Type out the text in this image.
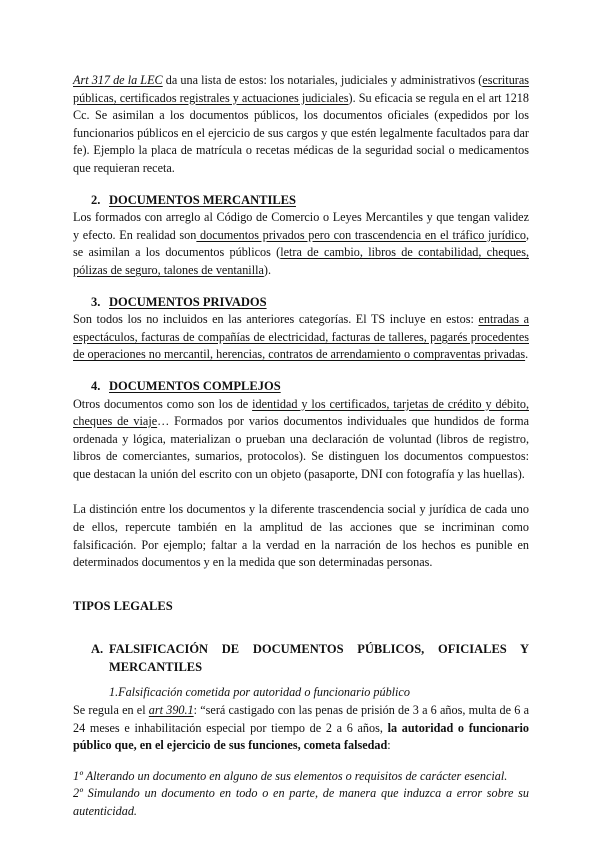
Art 317 de la LEC da una lista de estos: los notariales, judiciales y administrativos (escrituras públicas, certificados registrales y actuaciones judiciales). Su eficacia se regula en el art 1218 Cc. Se asimilan a los documentos públicos, los documentos oficiales (expedidos por los funcionarios públicos en el ejercicio de sus cargos y que estén legalmente facultados para dar fe). Ejemplo la placa de matrícula o recetas médicas de la seguridad social o medicamentos que requieran receta.

2. DOCUMENTOS MERCANTILES

Los formados con arreglo al Código de Comercio o Leyes Mercantiles y que tengan validez y efecto. En realidad son documentos privados pero con trascendencia en el tráfico jurídico, se asimilan a los documentos públicos (letra de cambio, libros de contabilidad, cheques, pólizas de seguro, talones de ventanilla).

3. DOCUMENTOS PRIVADOS

Son todos los no incluidos en las anteriores categorías. El TS incluye en estos: entradas a espectáculos, facturas de compañías de electricidad, facturas de talleres, pagarés procedentes de operaciones no mercantil, herencias, contratos de arrendamiento o compraventas privadas.

4. DOCUMENTOS COMPLEJOS

Otros documentos como son los de identidad y los certificados, tarjetas de crédito y débito, cheques de viaje… Formados por varios documentos individuales que hundidos de forma ordenada y lógica, materializan o prueban una declaración de voluntad (libros de registro, libros de comerciantes, sumarios, protocolos). Se distinguen los documentos compuestos: que destacan la unión del escrito con un objeto (pasaporte, DNI con fotografía y las huellas).

La distinción entre los documentos y la diferente trascendencia social y jurídica de cada uno de ellos, repercute también en la amplitud de las acciones que se incriminan como falsificación. Por ejemplo; faltar a la verdad en la narración de los hechos es punible en determinados documentos y en la medida que son determinadas personas.

TIPOS LEGALES
A. FALSIFICACIÓN DE DOCUMENTOS PÚBLICOS, OFICIALES Y MERCANTILES
1.Falsificación cometida por autoridad o funcionario público

Se regula en el art 390.1: “será castigado con las penas de prisión de 3 a 6 años, multa de 6 a 24 meses e inhabilitación especial por tiempo de 2 a 6 años, la autoridad o funcionario público que, en el ejercicio de sus funciones, cometa falsedad:

1º Alterando un documento en alguno de sus elementos o requisitos de carácter esencial.

2º Simulando un documento en todo o en parte, de manera que induzca a error sobre su autenticidad.
